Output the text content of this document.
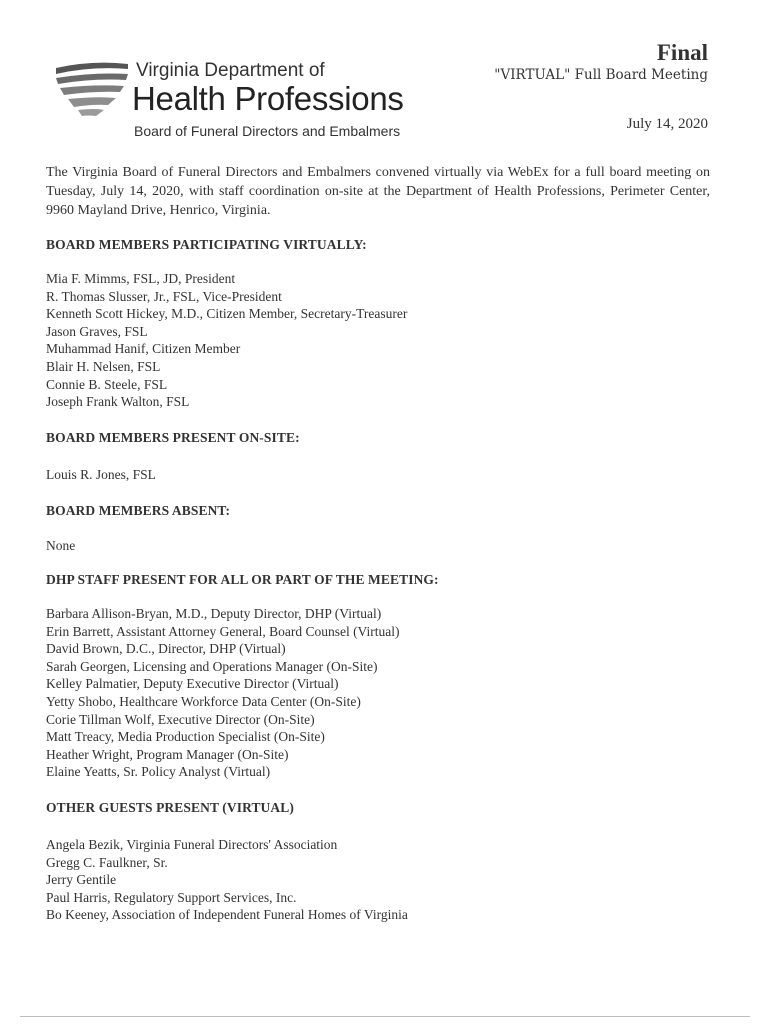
Virginia Department of
Health Professions
Board of Funeral Directors and Embalmers
Final
"VIRTUAL" Full Board Meeting
July 14, 2020

The Virginia Board of Funeral Directors and Embalmers convened virtually via WebEx for a full board meeting on Tuesday, July 14, 2020, with staff coordination on-site at the Department of Health Professions, Perimeter Center, 9960 Mayland Drive, Henrico, Virginia.

BOARD MEMBERS PARTICIPATING VIRTUALLY:

Mia F. Mimms, FSL, JD, President
R. Thomas Slusser, Jr., FSL, Vice-President
Kenneth Scott Hickey, M.D., Citizen Member, Secretary-Treasurer
Jason Graves, FSL
Muhammad Hanif, Citizen Member
Blair H. Nelsen, FSL
Connie B. Steele, FSL
Joseph Frank Walton, FSL

BOARD MEMBERS PRESENT ON-SITE:

Louis R. Jones, FSL

BOARD MEMBERS ABSENT:

None

DHP STAFF PRESENT FOR ALL OR PART OF THE MEETING:

Barbara Allison-Bryan, M.D., Deputy Director, DHP (Virtual)
Erin Barrett, Assistant Attorney General, Board Counsel (Virtual)
David Brown, D.C., Director, DHP (Virtual)
Sarah Georgen, Licensing and Operations Manager (On-Site)
Kelley Palmatier, Deputy Executive Director (Virtual)
Yetty Shobo, Healthcare Workforce Data Center (On-Site)
Corie Tillman Wolf, Executive Director (On-Site)
Matt Treacy, Media Production Specialist (On-Site)
Heather Wright, Program Manager (On-Site)
Elaine Yeatts, Sr. Policy Analyst (Virtual)

OTHER GUESTS PRESENT (VIRTUAL)

Angela Bezik, Virginia Funeral Directors' Association
Gregg C. Faulkner, Sr.
Jerry Gentile
Paul Harris, Regulatory Support Services, Inc.
Bo Keeney, Association of Independent Funeral Homes of Virginia
